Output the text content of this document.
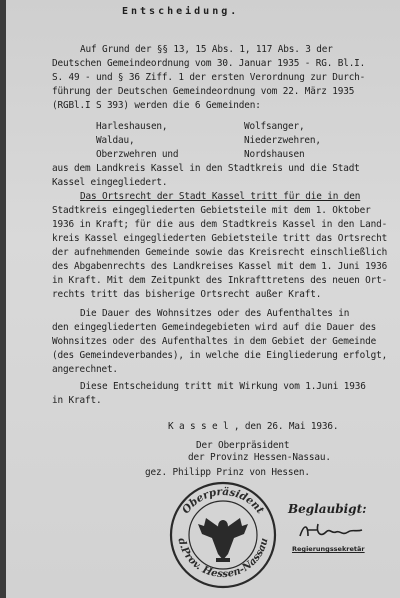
Entscheidung.
Auf Grund der §§ 13, 15 Abs. 1, 117 Abs. 3 der
Deutschen Gemeindeordnung vom 30. Januar 1935 - RG. Bl.I.
S. 49 - und § 36 Ziff. 1 der ersten Verordnung zur Durch-
führung der Deutschen Gemeindeordnung vom 22. März 1935
(RGBl.I S 393) werden die 6 Gemeinden:
Harleshausen,
Waldau,
Oberzwehren und
Wolfsanger,
Niederzwehren,
Nordshausen
aus dem Landkreis Kassel in den Stadtkreis und die Stadt
Kassel eingegliedert.
Das Ortsrecht der Stadt Kassel tritt für die in den
Stadtkreis eingegliederten Gebietsteile mit dem 1. Oktober
1936 in Kraft; für die aus dem Stadtkreis Kassel in den Land-
kreis Kassel eingegliederten Gebietsteile tritt das Ortsrecht
der aufnehmenden Gemeinde sowie das Kreisrecht einschließlich
des Abgabenrechts des Landkreises Kassel mit dem 1. Juni 1936
in Kraft. Mit dem Zeitpunkt des Inkrafttretens des neuen Ort-
rechts tritt das bisherige Ortsrecht außer Kraft.
Die Dauer des Wohnsitzes oder des Aufenthaltes in
den eingegliederten Gemeindegebieten wird auf die Dauer des
Wohnsitzes oder des Aufenthaltes in dem Gebiet der Gemeinde
(des Gemeindeverbandes), in welche die Eingliederung erfolgt,
angerechnet.
Diese Entscheidung tritt mit Wirkung vom 1.Juni 1936
in Kraft.
K a s s e l , den 26. Mai 1936.
Der Oberpräsident
der Provinz Hessen-Nassau.
gez. Philipp Prinz von Hessen.
Oberpräsident
d.Prov. Hessen-Nassau
Beglaubigt:
Regierungssekretär
